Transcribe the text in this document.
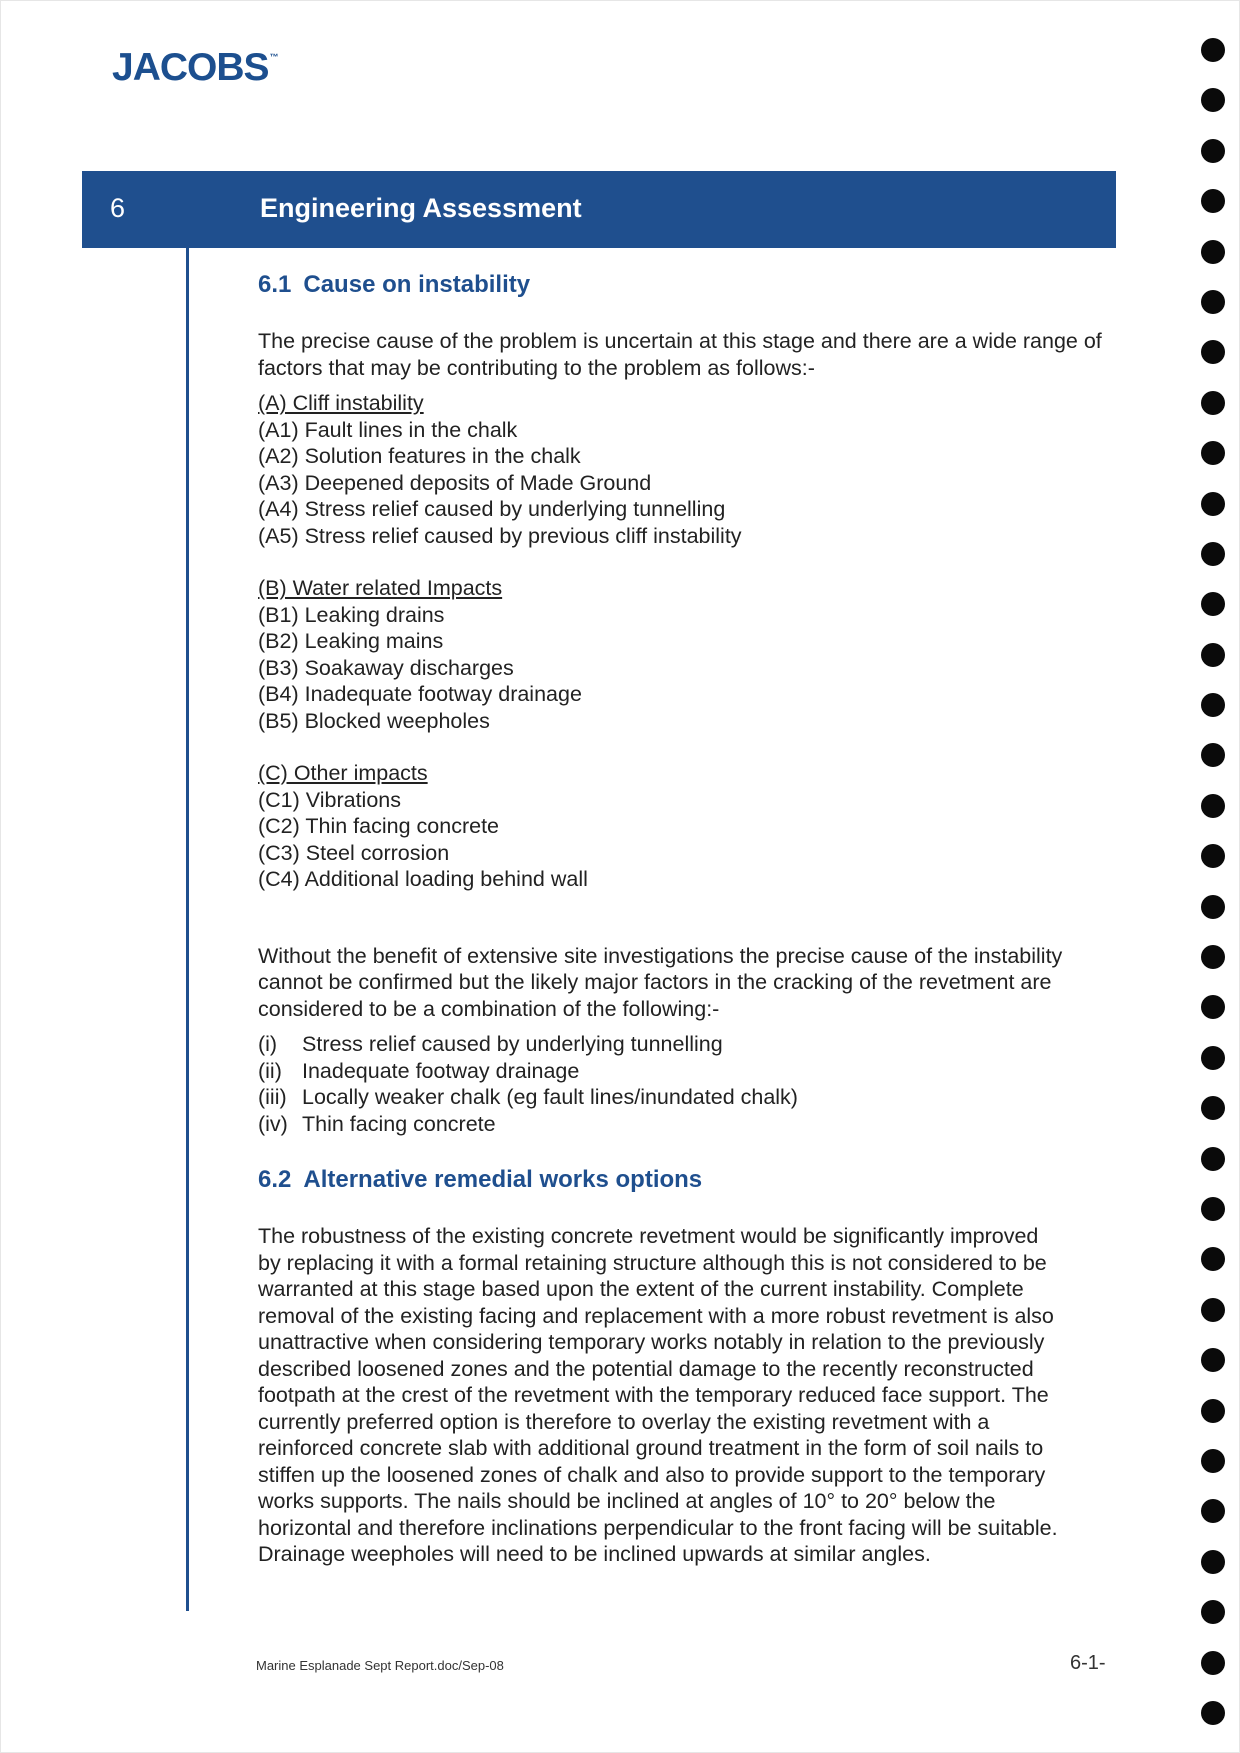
JACOBS™
6	Engineering Assessment
6.1 Cause on instability

The precise cause of the problem is uncertain at this stage and there are a wide range of factors that may be contributing to the problem as follows:-

(A) Cliff instability
(A1) Fault lines in the chalk
(A2) Solution features in the chalk
(A3) Deepened deposits of Made Ground
(A4) Stress relief caused by underlying tunnelling
(A5) Stress relief caused by previous cliff instability
(B) Water related Impacts
(B1) Leaking drains
(B2) Leaking mains
(B3) Soakaway discharges
(B4) Inadequate footway drainage
(B5) Blocked weepholes
(C) Other impacts
(C1) Vibrations
(C2) Thin facing concrete
(C3) Steel corrosion
(C4) Additional loading behind wall

Without the benefit of extensive site investigations the precise cause of the instability cannot be confirmed but the likely major factors in the cracking of the revetment are considered to be a combination of the following:-

(i)	Stress relief caused by underlying tunnelling
(ii) Inadequate footway drainage
(iii) Locally weaker chalk (eg fault lines/inundated chalk)
(iv) Thin facing concrete
6.2 Alternative remedial works options
The robustness of the existing concrete revetment would be significantly improved
by replacing it with a formal retaining structure although this is not considered to be
warranted at this stage based upon the extent of the current instability. Complete
removal of the existing facing and replacement with a more robust revetment is also
unattractive when considering temporary works notably in relation to the previously
described loosened zones and the potential damage to the recently reconstructed
footpath at the crest of the revetment with the temporary reduced face support. The
currently preferred option is therefore to overlay the existing revetment with a
reinforced concrete slab with additional ground treatment in the form of soil nails to
stiffen up the loosened zones of chalk and also to provide support to the temporary
works supports. The nails should be inclined at angles of 10° to 20° below the
horizontal and therefore inclinations perpendicular to the front facing will be suitable.
Drainage weepholes will need to be inclined upwards at similar angles.
Marine Esplanade Sept Report.doc/Sep-08	6-1-
